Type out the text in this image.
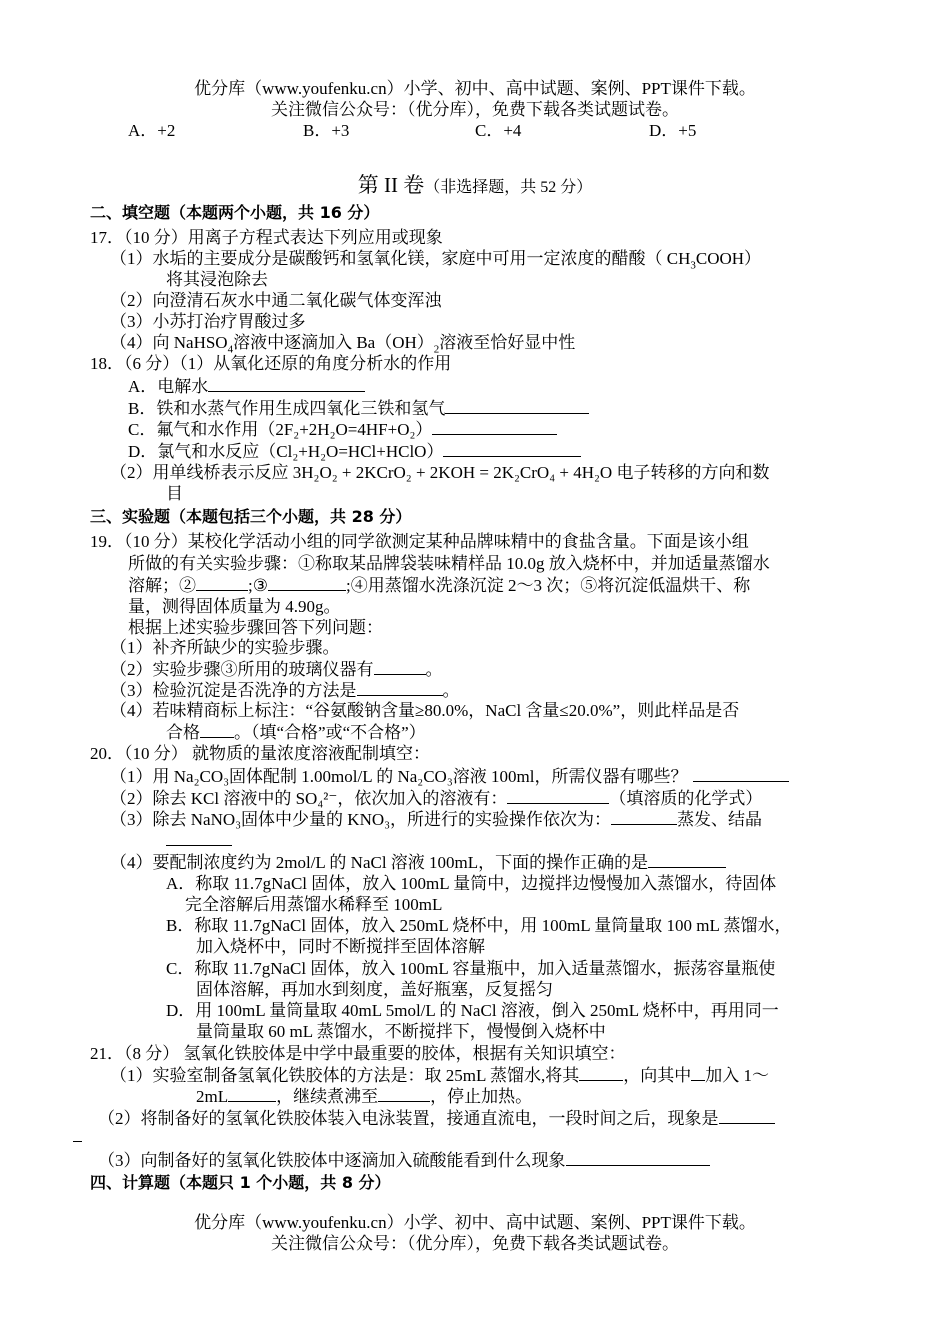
优分库（www.youfenku.cn）小学、初中、高中试题、案例、PPT课件下载。
关注微信公众号：（优分库），免费下载各类试题试卷。
A．+2	B．+3	C．+4	D．+5
第 II 卷（非选择题，共 52 分）
二、填空题（本题两个小题，共 16 分）
17．（10 分）用离子方程式表达下列应用或现象
（1）水垢的主要成分是碳酸钙和氢氧化镁，家庭中可用一定浓度的醋酸（ $CH_3COOH$）
将其浸泡除去
（2）向澄清石灰水中通二氧化碳气体变浑浊
（3）小苏打治疗胃酸过多
（4）向 NaHSO$_4$溶液中逐滴加入 $Ba(OH)_2$溶液至恰好显中性
18．（6 分）（1）从氧化还原的角度分析水的作用
A．电解水
B．铁和水蒸气作用生成四氧化三铁和氢气
C．氟气和水作用（2F₂+2H₂O=4HF+O₂）
D．氯气和水反应（Cl₂+H₂O=HCl+HClO）
（2）用单线桥表示反应 3H₂O₂ + 2KCrO₂ + 2KOH = 2K₂CrO₄ + 4H₂O 电子转移的方向和数
目
三、实验题（本题包括三个小题，共 28 分）
19．（10 分）某校化学活动小组的同学欲测定某种品牌味精中的食盐含量。下面是该小组
所做的有关实验步骤：①称取某品牌袋装味精样品 10.0g 放入烧杯中，并加适量蒸馏水
溶解；②	;③	;④用蒸馏水洗涤沉淀 2～3 次；⑤将沉淀低温烘干、称
量，测得固体质量为 4.90g。
根据上述实验步骤回答下列问题：
（1）补齐所缺少的实验步骤。
（2）实验步骤③所用的玻璃仪器有	。
（3）检验沉淀是否洗净的方法是	。
（4）若味精商标上标注：“谷氨酸钠含量≥80.0%，NaCl 含量≤20.0%”，则此样品是否
合格 。（填“合格”或“不合格”）
20．（10 分） 就物质的量浓度溶液配制填空：
（1）用 Na₂CO₃固体配制 1.00mol/L 的 Na₂CO₃溶液 100ml，所需仪器有哪些？
（2）除去 KCl 溶液中的 SO₄²⁻，依次加入的溶液有：	（填溶质的化学式）
（3）除去 NaNO₃固体中少量的 KNO₃，所进行的实验操作依次为：	蒸发、结晶
（4）要配制浓度约为 2mol/L 的 NaCl 溶液 100mL，下面的操作正确的是
A．称取 11.7gNaCl 固体，放入 100mL 量筒中，边搅拌边慢慢加入蒸馏水，待固体
完全溶解后用蒸馏水稀释至 100mL
B．称取 11.7gNaCl 固体，放入 250mL 烧杯中，用 100mL 量筒量取 100 mL 蒸馏水，
加入烧杯中，同时不断搅拌至固体溶解
C．称取 11.7gNaCl 固体，放入 100mL 容量瓶中，加入适量蒸馏水，振荡容量瓶使
固体溶解，再加水到刻度，盖好瓶塞，反复摇匀
D．用 100mL 量筒量取 40mL 5mol/L 的 NaCl 溶液，倒入 250mL 烧杯中，再用同一
量筒量取 60 mL 蒸馏水，不断搅拌下，慢慢倒入烧杯中
21．（8 分） 氢氧化铁胶体是中学中最重要的胶体，根据有关知识填空：
（1）实验室制备氢氧化铁胶体的方法是：取 25mL 蒸馏水,将其	，向其中 加入 1～
2mL	，继续煮沸至	，停止加热。
（2）将制备好的氢氧化铁胶体装入电泳装置，接通直流电，一段时间之后，现象是
（3）向制备好的氢氧化铁胶体中逐滴加入硫酸能看到什么现象
四、计算题（本题只 1 个小题，共 8 分）
优分库（www.youfenku.cn）小学、初中、高中试题、案例、PPT课件下载。
关注微信公众号：（优分库），免费下载各类试题试卷。
